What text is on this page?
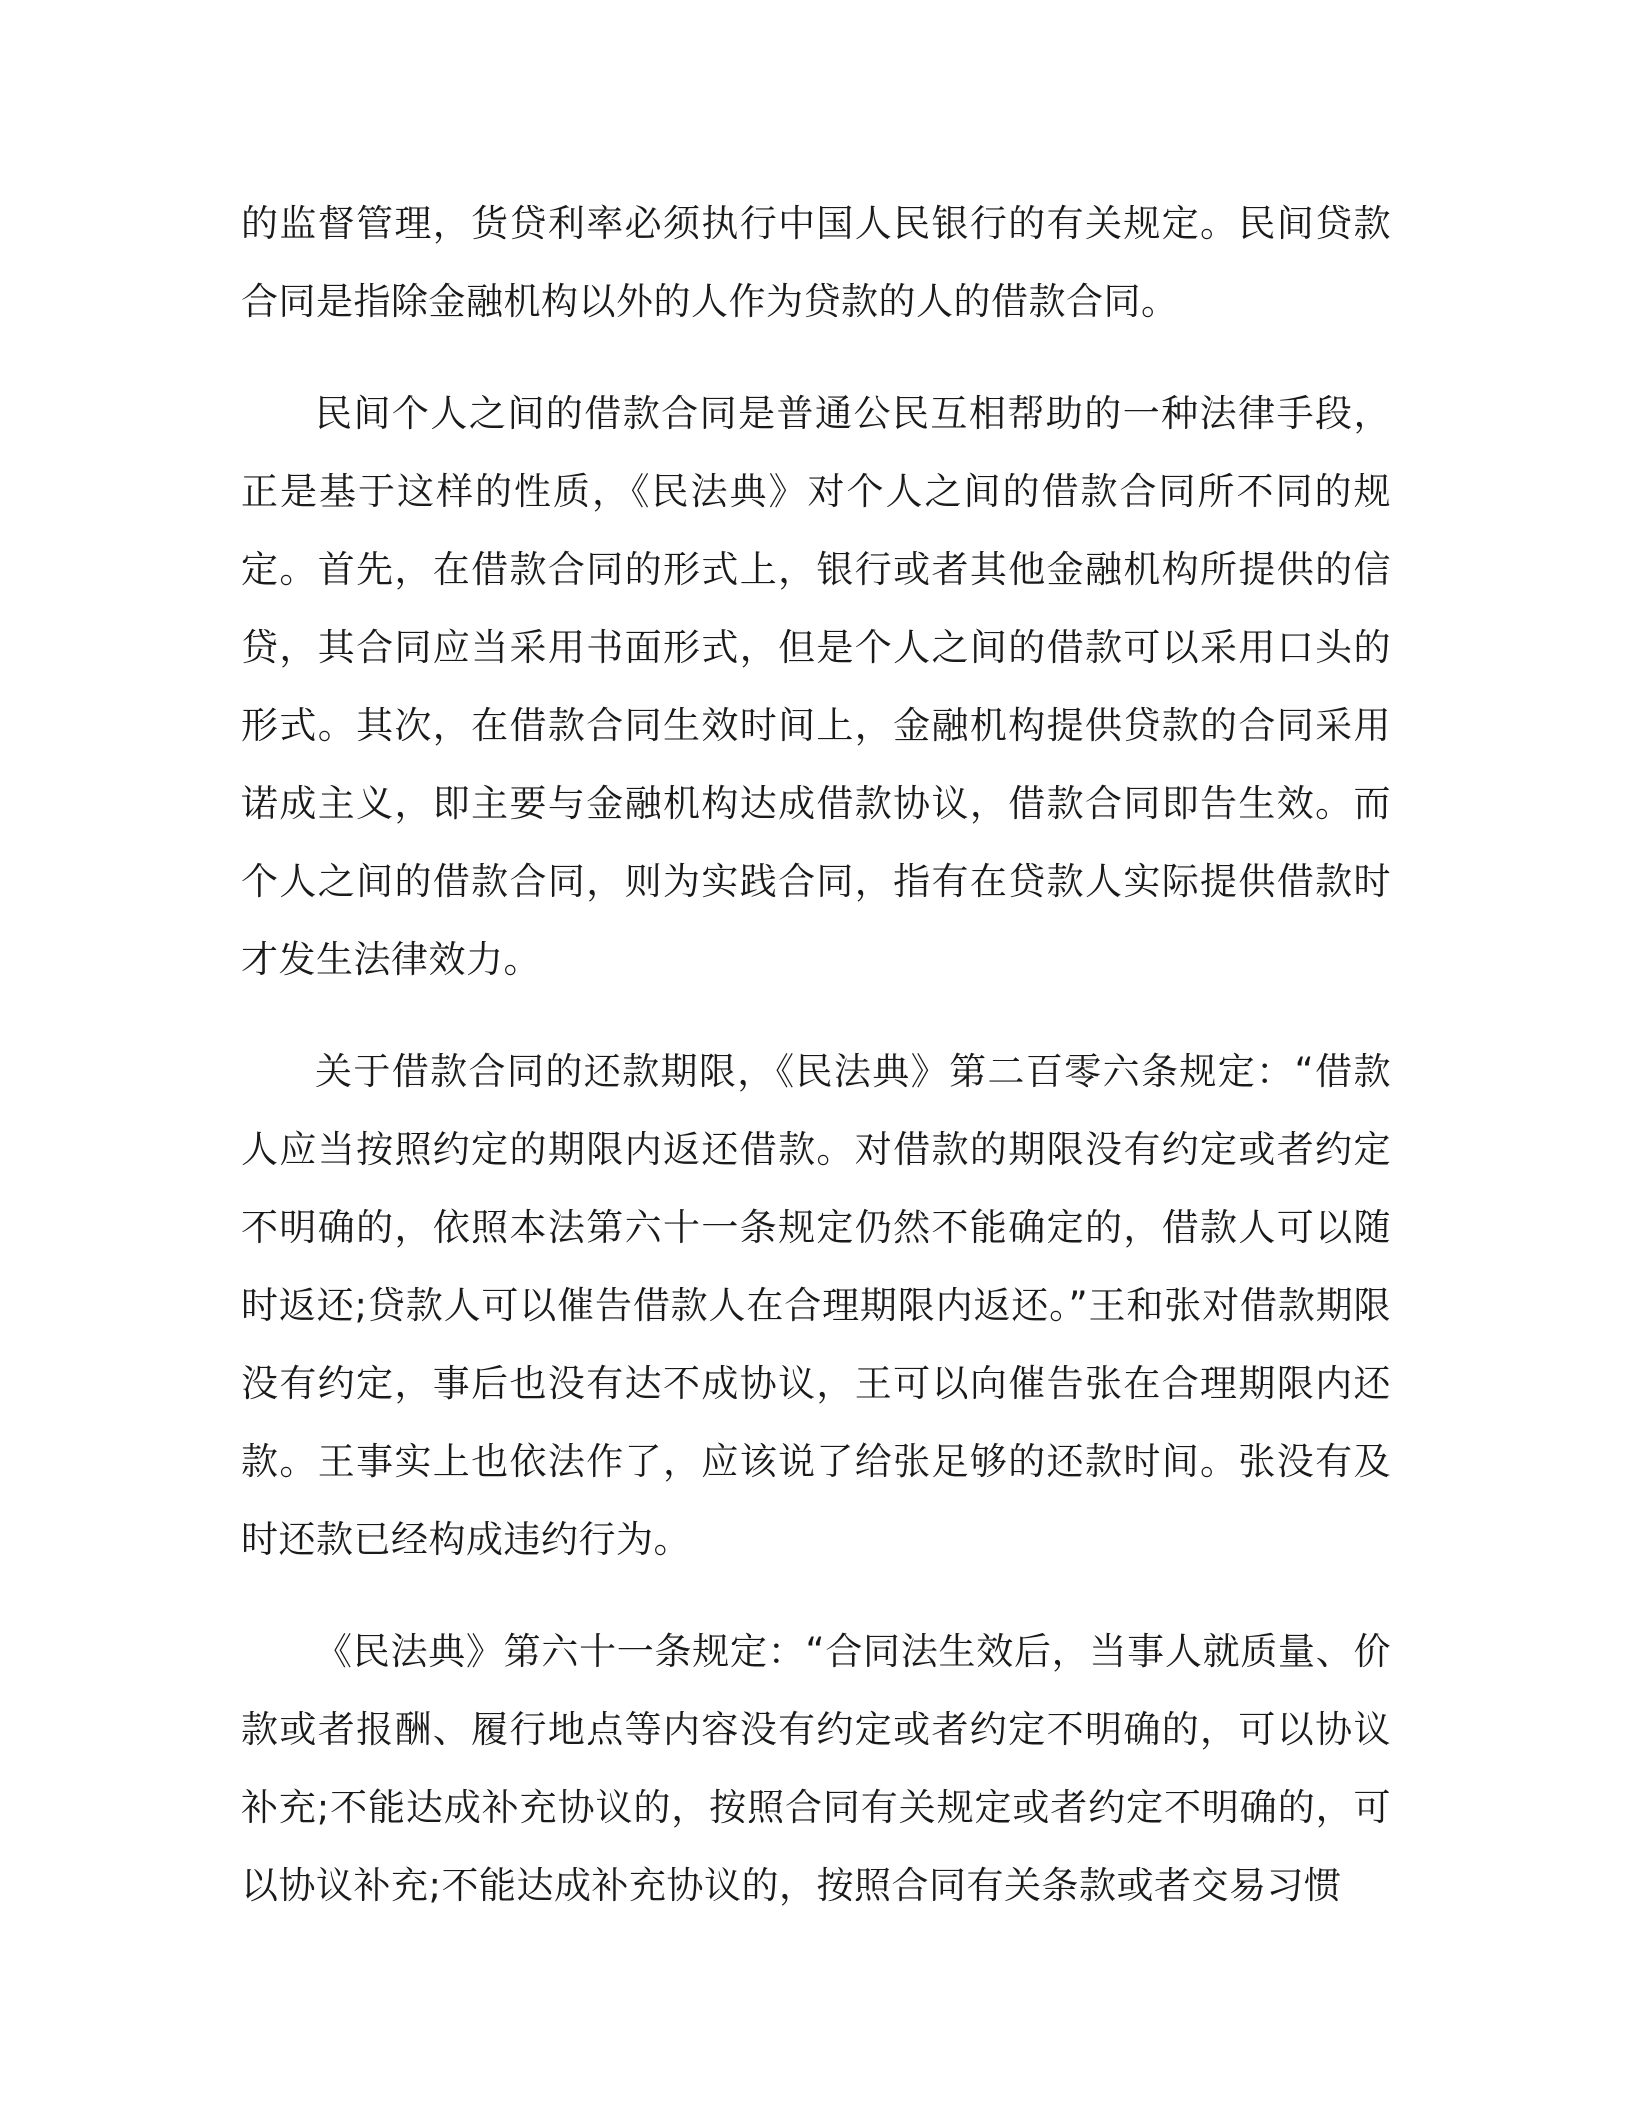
的监督管理，货贷利率必须执行中国人民银行的有关规定。民间贷款合同是指除金融机构以外的人作为贷款的人的借款合同。

民间个人之间的借款合同是普通公民互相帮助的一种法律手段，正是基于这样的性质，《民法典》对个人之间的借款合同所不同的规定。首先，在借款合同的形式上，银行或者其他金融机构所提供的信贷，其合同应当采用书面形式，但是个人之间的借款可以采用口头的形式。其次，在借款合同生效时间上，金融机构提供贷款的合同采用诺成主义，即主要与金融机构达成借款协议，借款合同即告生效。而个人之间的借款合同，则为实践合同，指有在贷款人实际提供借款时才发生法律效力。

关于借款合同的还款期限，《民法典》第二百零六条规定：“借款人应当按照约定的期限内返还借款。对借款的期限没有约定或者约定不明确的，依照本法第六十一条规定仍然不能确定的，借款人可以随时返还;贷款人可以催告借款人在合理期限内返还。”王和张对借款期限没有约定，事后也没有达不成协议，王可以向催告张在合理期限内还款。王事实上也依法作了，应该说了给张足够的还款时间。张没有及时还款已经构成违约行为。

《民法典》第六十一条规定：“合同法生效后，当事人就质量、价款或者报酬、履行地点等内容没有约定或者约定不明确的，可以协议补充;不能达成补充协议的，按照合同有关规定或者约定不明确的，可以协议补充;不能达成补充协议的，按照合同有关条款或者交易习惯
